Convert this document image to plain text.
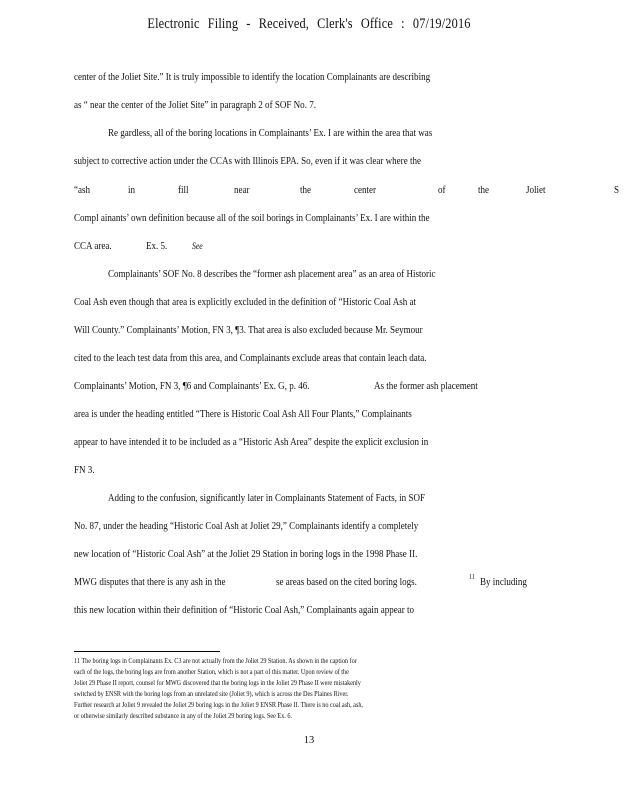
Electronic Filing - Received, Clerk's Office : 07/19/2016
center of the Joliet Site.” It is truly impossible to identify the location Complainants are describing
as “ near the center of the Joliet Site” in paragraph 2 of SOF No. 7.
Re gardless, all of the boring locations in Complainants’ Ex. I are within the area that was
subject to corrective action under the CCAs with Illinois EPA. So, even if it was clear where the
“ash	in	fill	near	the	center	of	the	Joliet	S
Compl ainants’ own definition because all of the soil borings in Complainants’ Ex. I are within the
CCA area.	Ex. 5.	See
Complainants’ SOF No. 8 describes the “former ash placement area” as an area of Historic
Coal Ash even though that area is explicitly excluded in the definition of “Historic Coal Ash at
Will County.” Complainants’ Motion, FN 3, ¶3. That area is also excluded because Mr. Seymour
cited to the leach test data from this area, and Complainants exclude areas that contain leach data.
Complainants’ Motion, FN 3, ¶6 and Complainants’ Ex. G, p. 46.	As the former ash placement
area is under the heading entitled “There is Historic Coal Ash All Four Plants,” Complainants
appear to have intended it to be included as a “Historic Ash Area” despite the explicit exclusion in
FN 3.
Adding to the confusion, significantly later in Complainants Statement of Facts, in SOF
No. 87, under the heading “Historic Coal Ash at Joliet 29,” Complainants identify a completely
new location of “Historic Coal Ash” at the Joliet 29 Station in boring logs in the 1998 Phase II.
MWG disputes that there is any ash in the	se areas based on the cited boring logs.	11 By including
this new location within their definition of “Historic Coal Ash,” Complainants again appear to
11 The boring logs in Complainants Ex. C3 are not actually from the Joliet 29 Station. As shown in the caption for
each of the logs, the boring logs are from another Station, which is not a part of this matter. Upon review of the
Joliet 29 Phase II report, counsel for MWG discovered that the boring logs in the Joliet 29 Phase II were mistakenly
switched by ENSR with the boring logs from an unrelated site (Joliet 9), which is across the Des Plaines River.
Further research at Joliet 9 revealed the Joliet 29 boring logs in the Joliet 9 ENSR Phase II. There is no coal ash, ash,
or otherwise similarly described substance in any of the Joliet 29 boring logs. See Ex. 6.
13
